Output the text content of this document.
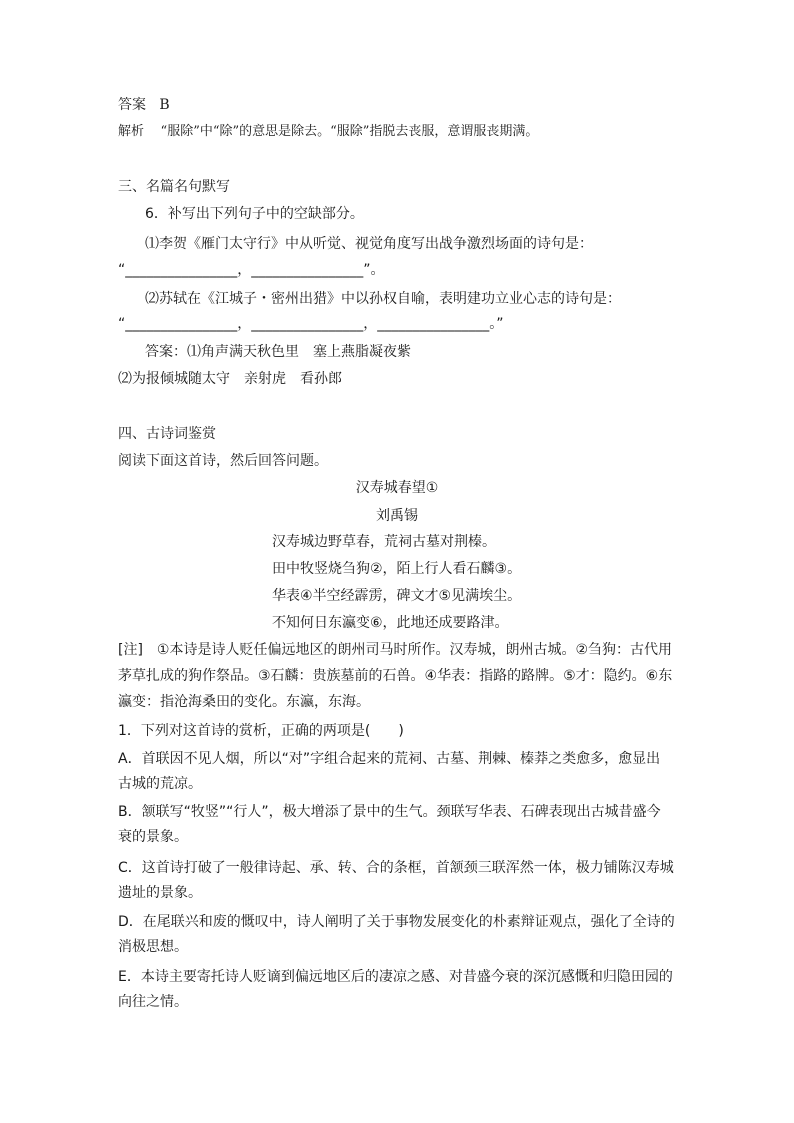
答案 B
解析 “服除”中“除”的意思是除去。“服除”指脱去丧服，意谓服丧期满。
三、名篇名句默写
6．补写出下列句子中的空缺部分。
⑴李贺《雁门太守行》中从听觉、视觉角度写出战争激烈场面的诗句是：
“________________，________________”。
⑵苏轼在《江城子・密州出猎》中以孙权自喻，表明建功立业心志的诗句是：
“________________，________________，________________。”
答案：⑴角声满天秋色里　塞上燕脂凝夜紫
⑵为报倾城随太守　亲射虎　看孙郎
四、古诗词鉴赏
阅读下面这首诗，然后回答问题。
汉寿城春望①
刘禹锡
汉寿城边野草春，荒祠古墓对荆榛。
田中牧竖烧刍狗②，陌上行人看石麟③。
华表④半空经霹雳，碑文才⑤见满埃尘。
不知何日东瀛变⑥，此地还成要路津。
[注]　①本诗是诗人贬任偏远地区的朗州司马时所作。汉寿城，朗州古城。②刍狗：古代用
茅草扎成的狗作祭品。③石麟：贵族墓前的石兽。④华表：指路的路牌。⑤才：隐约。⑥东
瀛变：指沧海桑田的变化。东瀛，东海。
1．下列对这首诗的赏析，正确的两项是(　　)
A．首联因不见人烟，所以“对”字组合起来的荒祠、古墓、荆棘、榛莽之类愈多，愈显出
古城的荒凉。
B．颔联写“牧竖”“行人”，极大增添了景中的生气。颈联写华表、石碑表现出古城昔盛今
衰的景象。
C．这首诗打破了一般律诗起、承、转、合的条框，首颔颈三联浑然一体，极力铺陈汉寿城
遗址的景象。
D．在尾联兴和废的慨叹中，诗人阐明了关于事物发展变化的朴素辩证观点，强化了全诗的
消极思想。
E．本诗主要寄托诗人贬谪到偏远地区后的凄凉之感、对昔盛今衰的深沉感慨和归隐田园的
向往之情。
